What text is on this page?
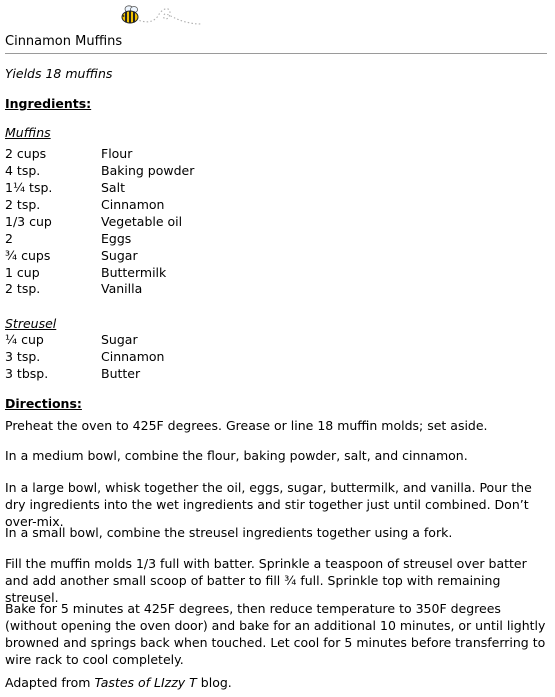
Cinnamon Muffins
Yields 18 muffins
Ingredients:
Muffins
2 cups	Flour
4 tsp.	Baking powder
1¼ tsp.	Salt
2 tsp.	Cinnamon
1/3 cup	Vegetable oil
2	Eggs
¾ cups	Sugar
1 cup	Buttermilk
2 tsp.	Vanilla
Streusel
¼ cup	Sugar
3 tsp.	Cinnamon
3 tbsp.	Butter
Directions:

Preheat the oven to 425F degrees. Grease or line 18 muffin molds; set aside.

In a medium bowl, combine the flour, baking powder, salt, and cinnamon.

In a large bowl, whisk together the oil, eggs, sugar, buttermilk, and vanilla. Pour the dry ingredients into the wet ingredients and stir together just until combined. Don’t over-mix.

In a small bowl, combine the streusel ingredients together using a fork.

Fill the muffin molds 1/3 full with batter. Sprinkle a teaspoon of streusel over batter and add another small scoop of batter to fill ¾ full. Sprinkle top with remaining streusel.

Bake for 5 minutes at 425F degrees, then reduce temperature to 350F degrees (without opening the oven door) and bake for an additional 10 minutes, or until lightly browned and springs back when touched. Let cool for 5 minutes before transferring to wire rack to cool completely.

Adapted from Tastes of LIzzy T blog.
